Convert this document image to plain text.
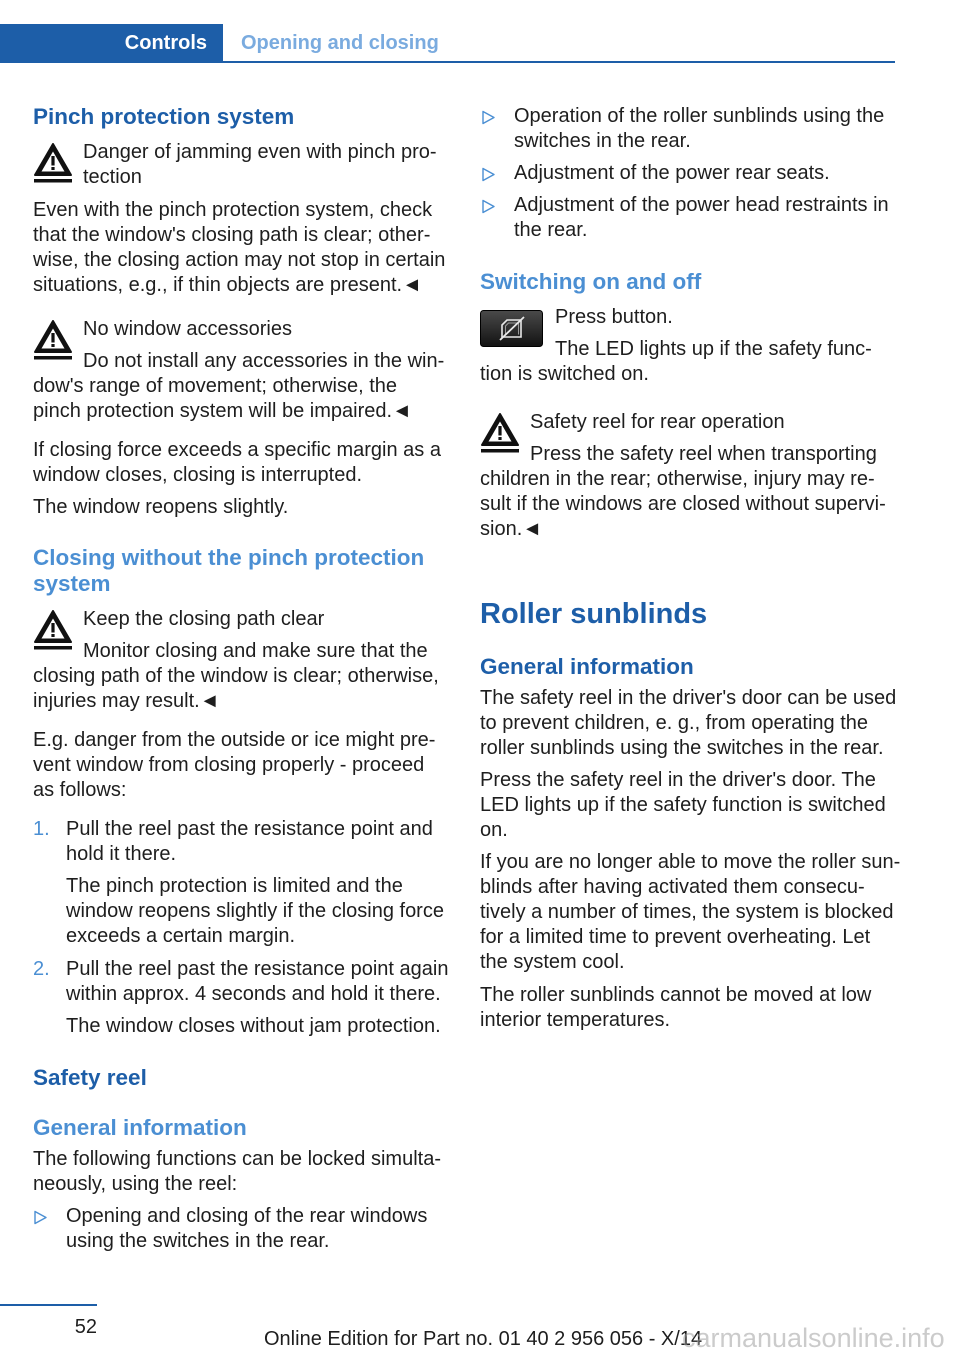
Controls	Opening and closing
Pinch protection system
Danger of jamming even with pinch pro-
tection
Even with the pinch protection system, check
that the window's closing path is clear; other-
wise, the closing action may not stop in certain
situations, e.g., if thin objects are present.◄
No window accessories
Do not install any accessories in the win-
dow's range of movement; otherwise, the
pinch protection system will be impaired.◄

If closing force exceeds a specific margin as a
window closes, closing is interrupted.

The window reopens slightly.

Closing without the pinch protection
system
Keep the closing path clear
Monitor closing and make sure that the
closing path of the window is clear; otherwise,
injuries may result.◄

E.g. danger from the outside or ice might pre-
vent window from closing properly - proceed
as follows:

1. Pull the reel past the resistance point and
hold it there.
The pinch protection is limited and the
window reopens slightly if the closing force
exceeds a certain margin.
2. Pull the reel past the resistance point again
within approx. 4 seconds and hold it there.
The window closes without jam protection.
Safety reel
General information

The following functions can be locked simulta-
neously, using the reel:

Opening and closing of the rear windows
using the switches in the rear.
Operation of the roller sunblinds using the
switches in the rear.
Adjustment of the power rear seats.
Adjustment of the power head restraints in
the rear.
Switching on and off
Press button.
The LED lights up if the safety func-
tion is switched on.
Safety reel for rear operation
Press the safety reel when transporting
children in the rear; otherwise, injury may re-
sult if the windows are closed without supervi-
sion.◄
Roller sunblinds
General information

The safety reel in the driver's door can be used
to prevent children, e. g., from operating the
roller sunblinds using the switches in the rear.

Press the safety reel in the driver's door. The
LED lights up if the safety function is switched
on.

If you are no longer able to move the roller sun-
blinds after having activated them consecu-
tively a number of times, the system is blocked
for a limited time to prevent overheating. Let
the system cool.

The roller sunblinds cannot be moved at low
interior temperatures.

52
Online Edition for Part no. 01 40 2 956 056 - X/14
carmanualsonline.info
